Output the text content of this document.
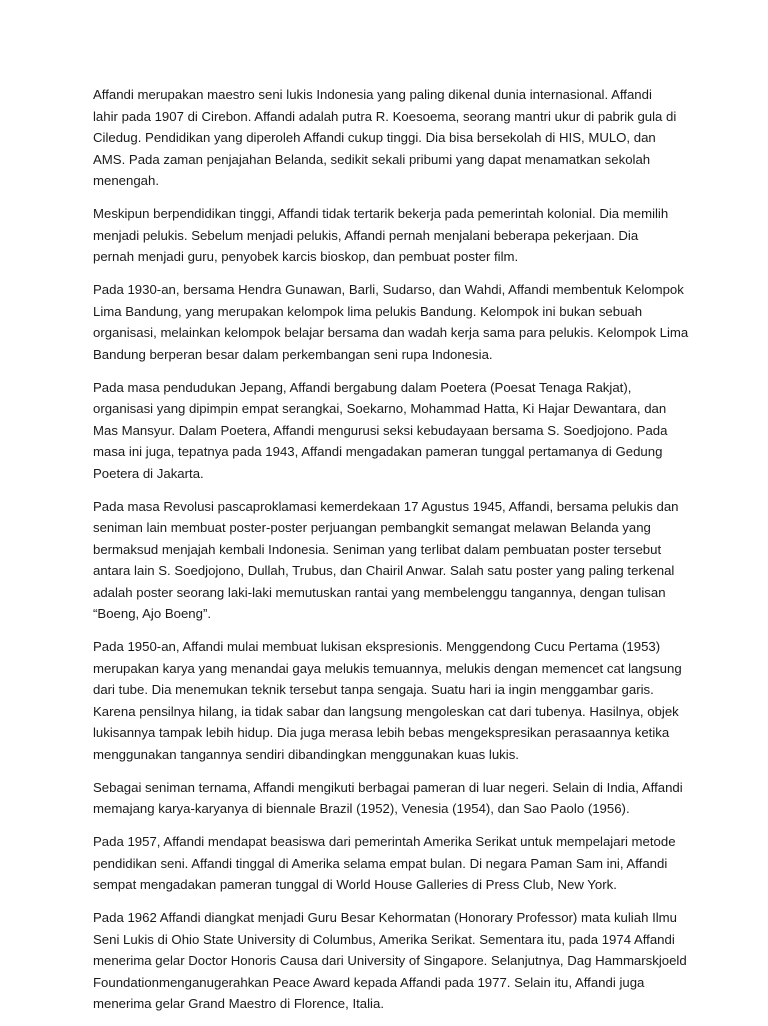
Affandi merupakan maestro seni lukis Indonesia yang paling dikenal dunia internasional. Affandi
lahir pada 1907 di Cirebon. Affandi adalah putra R. Koesoema, seorang mantri ukur di pabrik gula di
Ciledug. Pendidikan yang diperoleh Affandi cukup tinggi. Dia bisa bersekolah di HIS, MULO, dan
AMS. Pada zaman penjajahan Belanda, sedikit sekali pribumi yang dapat menamatkan sekolah
menengah.

Meskipun berpendidikan tinggi, Affandi tidak tertarik bekerja pada pemerintah kolonial. Dia memilih
menjadi pelukis. Sebelum menjadi pelukis, Affandi pernah menjalani beberapa pekerjaan. Dia
pernah menjadi guru, penyobek karcis bioskop, dan pembuat poster film.

Pada 1930-an, bersama Hendra Gunawan, Barli, Sudarso, dan Wahdi, Affandi membentuk Kelompok
Lima Bandung, yang merupakan kelompok lima pelukis Bandung. Kelompok ini bukan sebuah
organisasi, melainkan kelompok belajar bersama dan wadah kerja sama para pelukis. Kelompok Lima
Bandung berperan besar dalam perkembangan seni rupa Indonesia.

Pada masa pendudukan Jepang, Affandi bergabung dalam Poetera (Poesat Tenaga Rakjat),
organisasi yang dipimpin empat serangkai, Soekarno, Mohammad Hatta, Ki Hajar Dewantara, dan
Mas Mansyur. Dalam Poetera, Affandi mengurusi seksi kebudayaan bersama S. Soedjojono. Pada
masa ini juga, tepatnya pada 1943, Affandi mengadakan pameran tunggal pertamanya di Gedung
Poetera di Jakarta.

Pada masa Revolusi pascaproklamasi kemerdekaan 17 Agustus 1945, Affandi, bersama pelukis dan
seniman lain membuat poster-poster perjuangan pembangkit semangat melawan Belanda yang
bermaksud menjajah kembali Indonesia. Seniman yang terlibat dalam pembuatan poster tersebut
antara lain S. Soedjojono, Dullah, Trubus, dan Chairil Anwar. Salah satu poster yang paling terkenal
adalah poster seorang laki-laki memutuskan rantai yang membelenggu tangannya, dengan tulisan
“Boeng, Ajo Boeng”.

Pada 1950-an, Affandi mulai membuat lukisan ekspresionis. Menggendong Cucu Pertama (1953)
merupakan karya yang menandai gaya melukis temuannya, melukis dengan memencet cat langsung
dari tube. Dia menemukan teknik tersebut tanpa sengaja. Suatu hari ia ingin menggambar garis.
Karena pensilnya hilang, ia tidak sabar dan langsung mengoleskan cat dari tubenya. Hasilnya, objek
lukisannya tampak lebih hidup. Dia juga merasa lebih bebas mengekspresikan perasaannya ketika
menggunakan tangannya sendiri dibandingkan menggunakan kuas lukis.

Sebagai seniman ternama, Affandi mengikuti berbagai pameran di luar negeri. Selain di India, Affandi
memajang karya-karyanya di biennale Brazil (1952), Venesia (1954), dan Sao Paolo (1956).

Pada 1957, Affandi mendapat beasiswa dari pemerintah Amerika Serikat untuk mempelajari metode
pendidikan seni. Affandi tinggal di Amerika selama empat bulan. Di negara Paman Sam ini, Affandi
sempat mengadakan pameran tunggal di World House Galleries di Press Club, New York.

Pada 1962 Affandi diangkat menjadi Guru Besar Kehormatan (Honorary Professor) mata kuliah Ilmu
Seni Lukis di Ohio State University di Columbus, Amerika Serikat. Sementara itu, pada 1974 Affandi
menerima gelar Doctor Honoris Causa dari University of Singapore. Selanjutnya, Dag Hammarskjoeld
Foundationmenganugerahkan Peace Award kepada Affandi pada 1977. Selain itu, Affandi juga
menerima gelar Grand Maestro di Florence, Italia.
